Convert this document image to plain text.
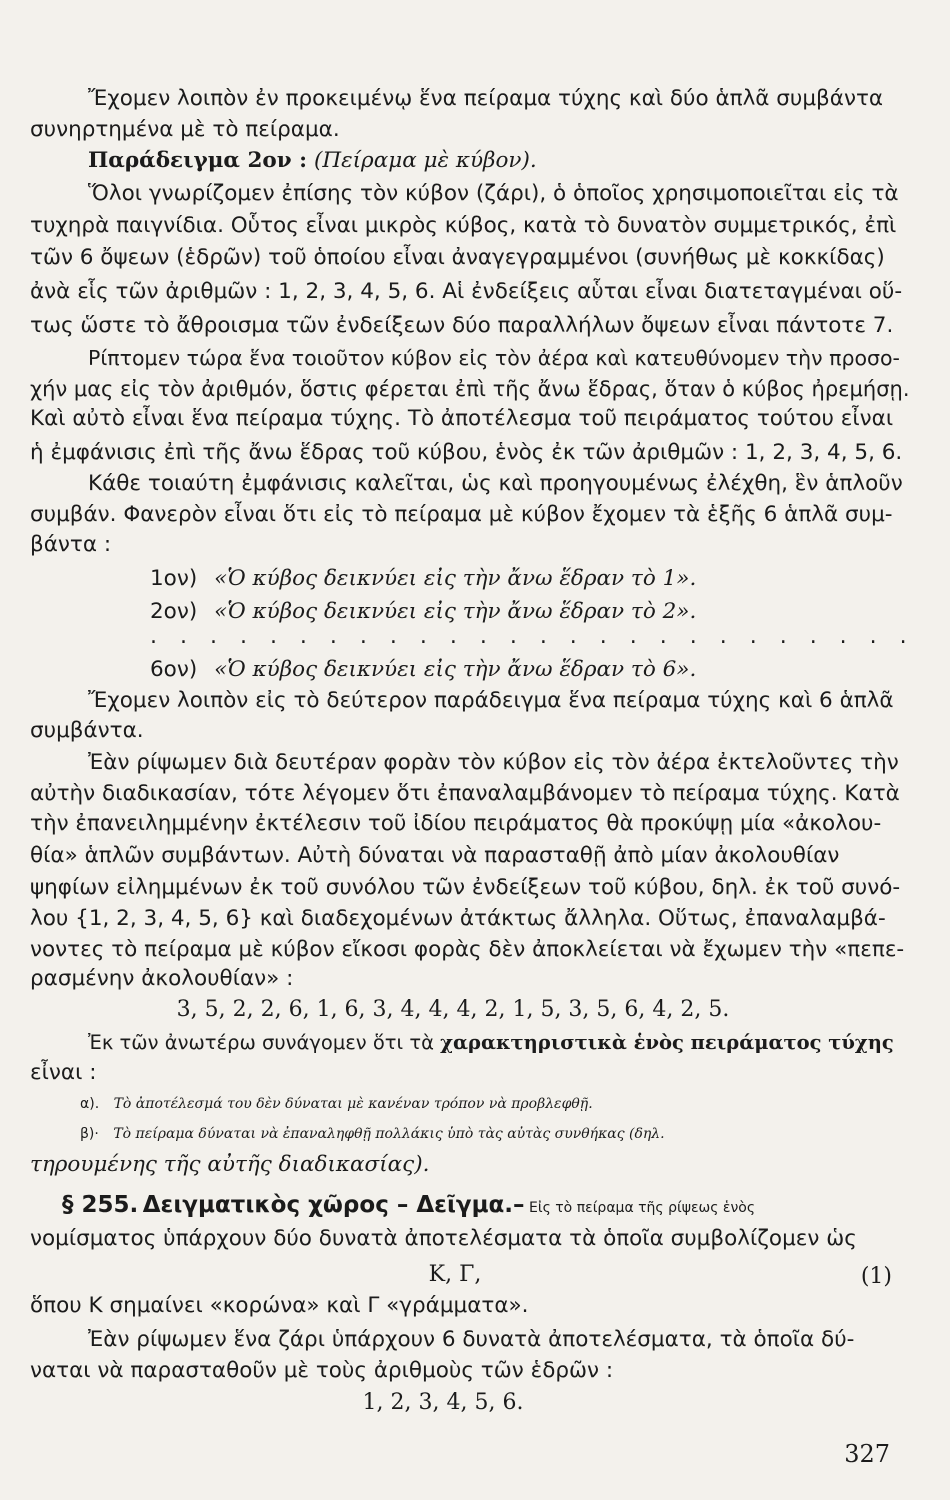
Ἔχομεν λοιπὸν ἐν προκειμένῳ ἕνα πείραμα τύχης καὶ δύο ἁπλᾶ συμβάντα
συνηρτημένα μὲ τὸ πείραμα.
Παράδειγμα 2ον : (Πείραμα μὲ κύβον).
Ὅλοι γνωρίζομεν ἐπίσης τὸν κύβον (ζάρι), ὁ ὁποῖος χρησιμοποιεῖται εἰς τὰ
τυχηρὰ παιγνίδια. Οὗτος εἶναι μικρὸς κύβος, κατὰ τὸ δυνατὸν συμμετρικός, ἐπὶ
τῶν 6 ὄψεων (ἑδρῶν) τοῦ ὁποίου εἶναι ἀναγεγραμμένοι (συνήθως μὲ κοκκίδας)
ἀνὰ εἷς τῶν ἀριθμῶν : 1, 2, 3, 4, 5, 6. Αἱ ἐνδείξεις αὗται εἶναι διατεταγμέναι οὕ-
τως ὥστε τὸ ἄθροισμα τῶν ἐνδείξεων δύο παραλλήλων ὄψεων εἶναι πάντοτε 7.
Ρίπτομεν τώρα ἕνα τοιοῦτον κύβον εἰς τὸν ἀέρα καὶ κατευθύνομεν τὴν προσο-
χήν μας εἰς τὸν ἀριθμόν, ὅστις φέρεται ἐπὶ τῆς ἄνω ἕδρας, ὅταν ὁ κύβος ἠρεμήσῃ.
Καὶ αὐτὸ εἶναι ἕνα πείραμα τύχης. Τὸ ἀποτέλεσμα τοῦ πειράματος τούτου εἶναι
ἡ ἐμφάνισις ἐπὶ τῆς ἄνω ἕδρας τοῦ κύβου, ἑνὸς ἐκ τῶν ἀριθμῶν : 1, 2, 3, 4, 5, 6.
Κάθε τοιαύτη ἐμφάνισις καλεῖται, ὡς καὶ προηγουμένως ἐλέχθη, ἓν ἁπλοῦν
συμβάν. Φανερὸν εἶναι ὅτι εἰς τὸ πείραμα μὲ κύβον ἔχομεν τὰ ἑξῆς 6 ἁπλᾶ συμ-
βάντα :
1ον) «Ὁ κύβος δεικνύει εἰς τὴν ἄνω ἕδραν τὸ 1».
2ον) «Ὁ κύβος δεικνύει εἰς τὴν ἄνω ἕδραν τὸ 2».
. . . . . . . . . . . . . . . . . . . . . . . . . .
6ον) «Ὁ κύβος δεικνύει εἰς τὴν ἄνω ἕδραν τὸ 6».
Ἔχομεν λοιπὸν εἰς τὸ δεύτερον παράδειγμα ἕνα πείραμα τύχης καὶ 6 ἁπλᾶ
συμβάντα.
Ἐὰν ρίψωμεν διὰ δευτέραν φορὰν τὸν κύβον εἰς τὸν ἀέρα ἐκτελοῦντες τὴν
αὐτὴν διαδικασίαν, τότε λέγομεν ὅτι ἐπαναλαμβάνομεν τὸ πείραμα τύχης. Κατὰ
τὴν ἐπανειλημμένην ἐκτέλεσιν τοῦ ἰδίου πειράματος θὰ προκύψῃ μία «ἀκολου-
θία» ἁπλῶν συμβάντων. Αὐτὴ δύναται νὰ παρασταθῇ ἀπὸ μίαν ἀκολουθίαν
ψηφίων εἰλημμένων ἐκ τοῦ συνόλου τῶν ἐνδείξεων τοῦ κύβου, δηλ. ἐκ τοῦ συνό-
λου {1, 2, 3, 4, 5, 6} καὶ διαδεχομένων ἀτάκτως ἄλληλα. Οὕτως, ἐπαναλαμβά-
νοντες τὸ πείραμα μὲ κύβον εἴκοσι φορὰς δὲν ἀποκλείεται νὰ ἔχωμεν τὴν «πεπε-
ρασμένην ἀκολουθίαν» :
3, 5, 2, 2, 6, 1, 6, 3, 4, 4, 4, 2, 1, 5, 3, 5, 6, 4, 2, 5.
Ἐκ τῶν ἀνωτέρω συνάγομεν ὅτι τὰ χαρακτηριστικὰ ἑνὸς πειράματος τύχης
εἶναι :
α). Τὸ ἀποτέλεσμά του δὲν δύναται μὲ κανέναν τρόπον νὰ προβλεφθῇ.
β)· Τὸ πείραμα δύναται νὰ ἐπαναληφθῇ πολλάκις ὑπὸ τὰς αὐτὰς συνθήκας (δηλ.
τηρουμένης τῆς αὐτῆς διαδικασίας).
§ 255. Δειγματικὸς χῶρος – Δεῖγμα.– Εἰς τὸ πείραμα τῆς ρίψεως ἑνὸς
νομίσματος ὑπάρχουν δύο δυνατὰ ἀποτελέσματα τὰ ὁποῖα συμβολίζομεν ὡς
Κ, Γ,	(1)
ὅπου Κ σημαίνει «κορώνα» καὶ Γ «γράμματα».
Ἐὰν ρίψωμεν ἕνα ζάρι ὑπάρχουν 6 δυνατὰ ἀποτελέσματα, τὰ ὁποῖα δύ-
ναται νὰ παρασταθοῦν μὲ τοὺς ἀριθμοὺς τῶν ἑδρῶν :
1, 2, 3, 4, 5, 6.
327
